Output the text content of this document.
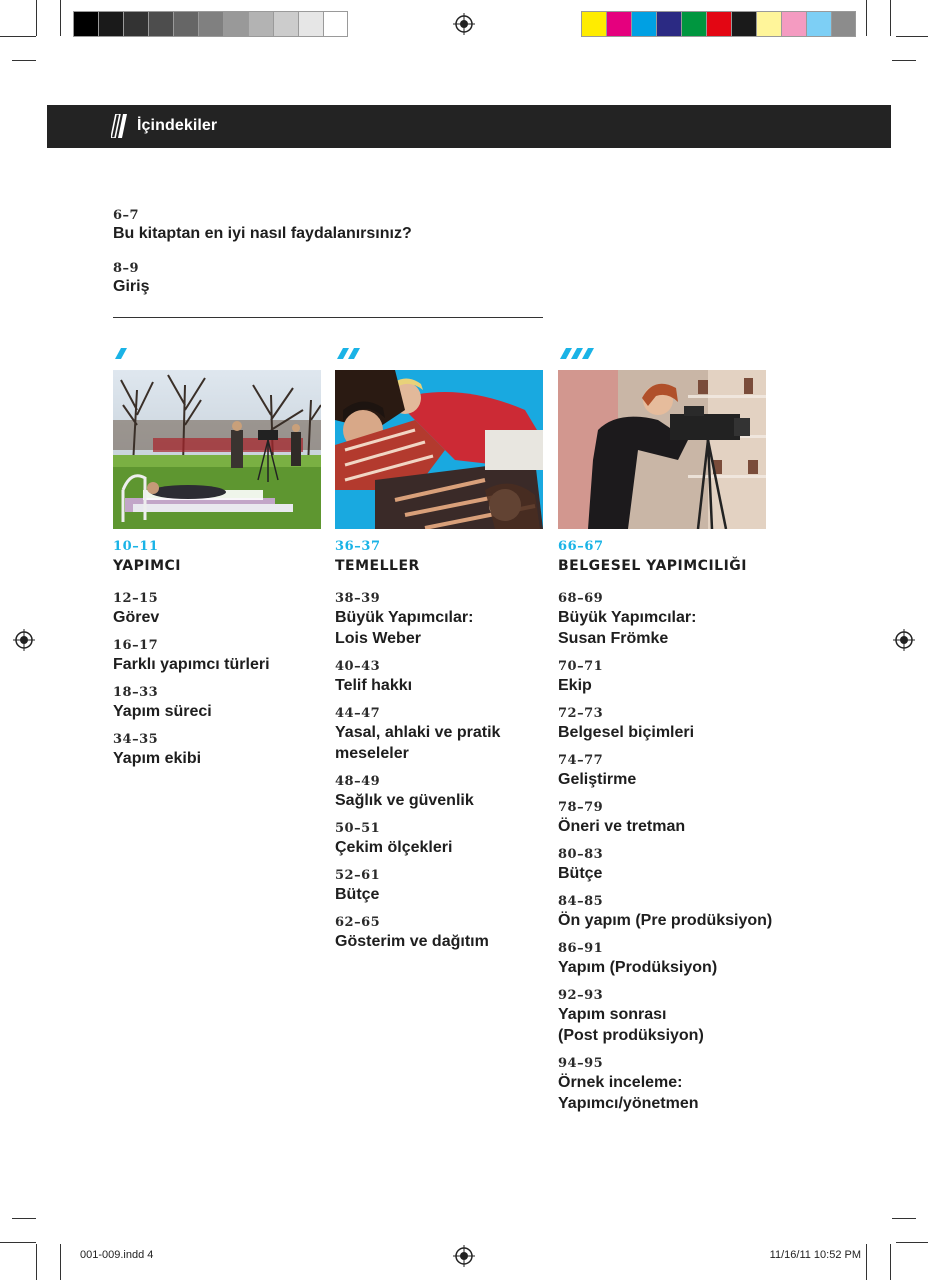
İçindekiler
6–7
Bu kitaptan en iyi nasıl faydalanırsınız?
8–9
Giriş
10–11
YAPIMCI
12–15
Görev
16–17
Farklı yapımcı türleri
18–33
Yapım süreci
34–35
Yapım ekibi
36–37
TEMELLER
38–39
Büyük Yapımcılar:
Lois Weber
40–43
Telif hakkı
44–47
Yasal, ahlaki ve pratik
meseleler
48–49
Sağlık ve güvenlik
50–51
Çekim ölçekleri
52–61
Bütçe
62–65
Gösterim ve dağıtım
66–67
BELGESEL YAPIMCILIĞI
68–69
Büyük Yapımcılar:
Susan Frömke
70–71
Ekip
72–73
Belgesel biçimleri
74–77
Geliştirme
78–79
Öneri ve tretman
80–83
Bütçe
84–85
Ön yapım (Pre prodüksiyon)
86–91
Yapım (Prodüksiyon)
92–93
Yapım sonrası
(Post prodüksiyon)
94–95
Örnek inceleme:
Yapımcı/yönetmen
001-009.indd 4	11/16/11 10:52 PM
